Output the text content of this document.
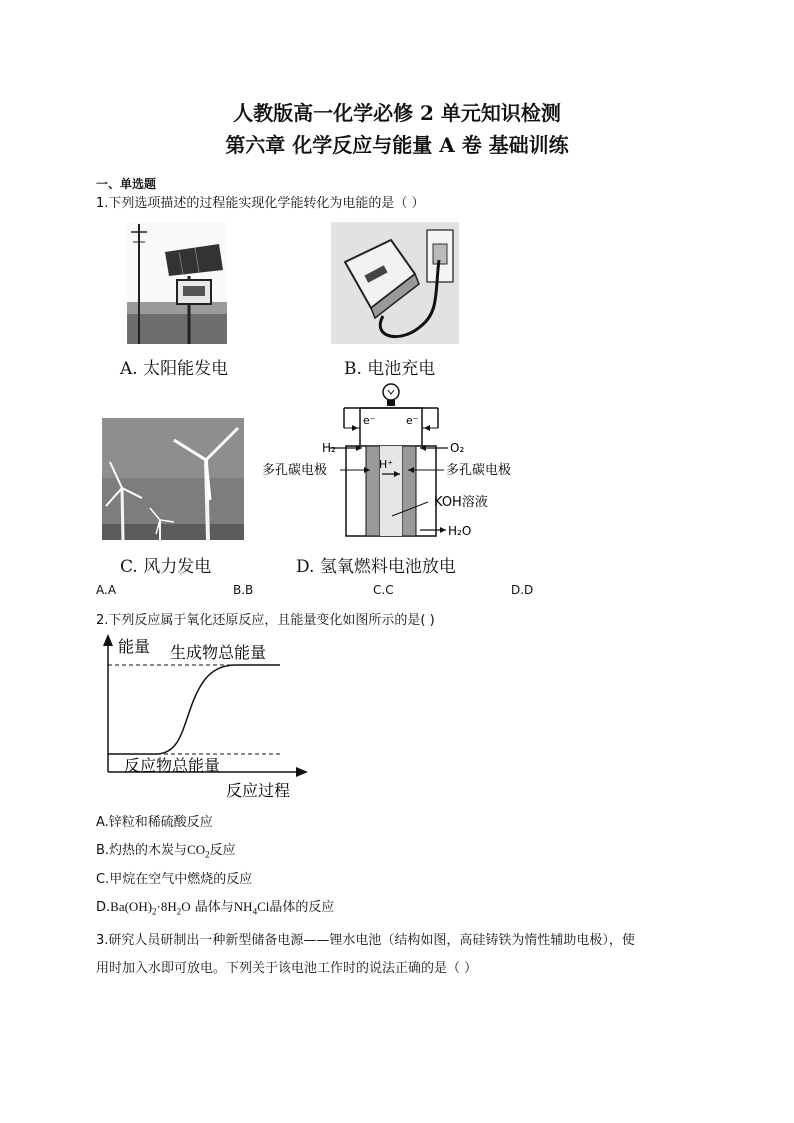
人教版高一化学必修 2 单元知识检测
第六章 化学反应与能量 A 卷 基础训练
一、单选题
1.下列选项描述的过程能实现化学能转化为电能的是（ ）
A. 太阳能发电	B. 电池充电
C. 风力发电
e⁻	e⁻
H₂	O₂
H⁺
多孔碳电极	多孔碳电极
KOH溶液
H₂O
D. 氢氧燃料电池放电
A.A	B.B	C.C	D.D
2.下列反应属于氧化还原反应，且能量变化如图所示的是( )
能量
反应过程
生成物总能量
反应物总能量
A.锌粒和稀硫酸反应
B.灼热的木炭与$CO_2$反应
C.甲烷在空气中燃烧的反应
$D.Ba(OH)_2\cdot 8H_2O$ 晶体与$NH_4Cl$晶体的反应
3.研究人员研制出一种新型储备电源——锂水电池（结构如图，高硅铸铁为惰性辅助电极），使
用时加入水即可放电。下列关于该电池工作时的说法正确的是（ ）
